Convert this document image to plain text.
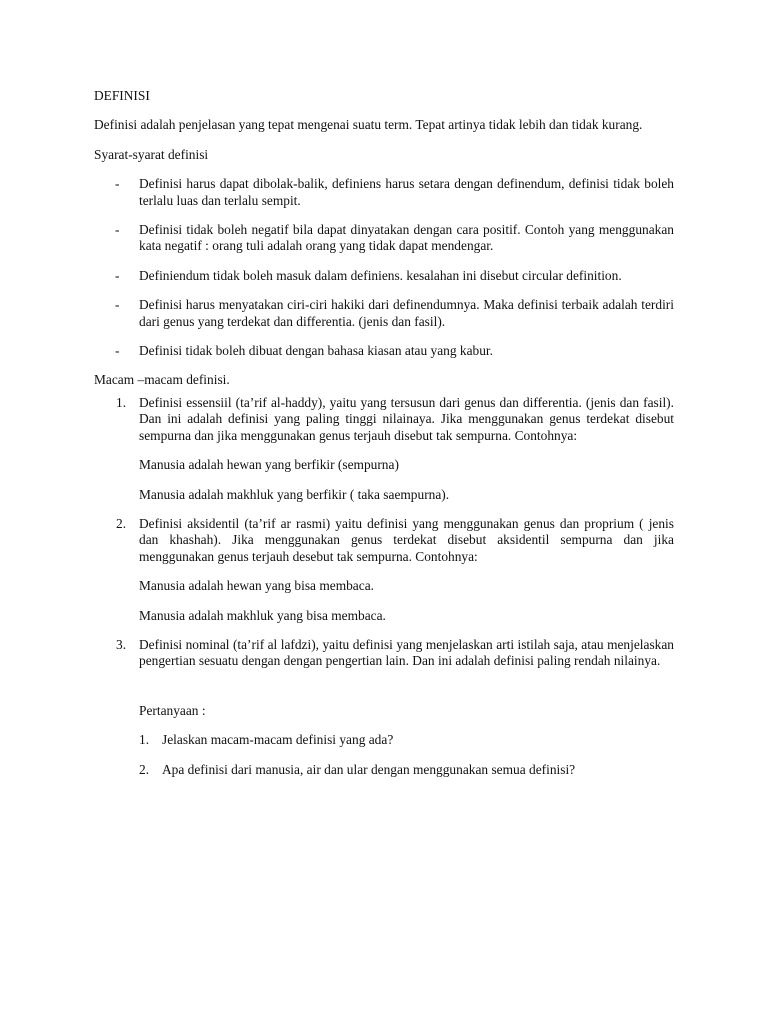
DEFINISI

Definisi adalah penjelasan yang tepat mengenai suatu term. Tepat artinya tidak lebih dan tidak kurang.

Syarat-syarat definisi

- Definisi harus dapat dibolak-balik, definiens harus setara dengan definendum, definisi tidak boleh terlalu luas dan terlalu sempit.
- Definisi tidak boleh negatif bila dapat dinyatakan dengan cara positif. Contoh yang menggunakan kata negatif : orang tuli adalah orang yang tidak dapat mendengar.
- Definiendum tidak boleh masuk dalam definiens. kesalahan ini disebut circular definition.
- Definisi harus menyatakan ciri-ciri hakiki dari definendumnya. Maka definisi terbaik adalah terdiri dari genus yang terdekat dan differentia. (jenis dan fasil).
- Definisi tidak boleh dibuat dengan bahasa kiasan atau yang kabur.

Macam –macam definisi.

1. Definisi essensiil (ta’rif al-haddy), yaitu yang tersusun dari genus dan differentia. (jenis dan fasil). Dan ini adalah definisi yang paling tinggi nilainaya. Jika menggunakan genus terdekat disebut sempurna dan jika menggunakan genus terjauh disebut tak sempurna. Contohnya:
Manusia adalah hewan yang berfikir (sempurna)
Manusia adalah makhluk yang berfikir ( taka saempurna).
2. Definisi aksidentil (ta’rif ar rasmi) yaitu definisi yang menggunakan genus dan proprium ( jenis dan khashah). Jika menggunakan genus terdekat disebut aksidentil sempurna dan jika menggunakan genus terjauh desebut tak sempurna. Contohnya:
Manusia adalah hewan yang bisa membaca.
Manusia adalah makhluk yang bisa membaca.
3. Definisi nominal (ta’rif al lafdzi), yaitu definisi yang menjelaskan arti istilah saja, atau menjelaskan pengertian sesuatu dengan dengan pengertian lain. Dan ini adalah definisi paling rendah nilainya.

Pertanyaan :

1. Jelaskan macam-macam definisi yang ada?
2. Apa definisi dari manusia, air dan ular dengan menggunakan semua definisi?
